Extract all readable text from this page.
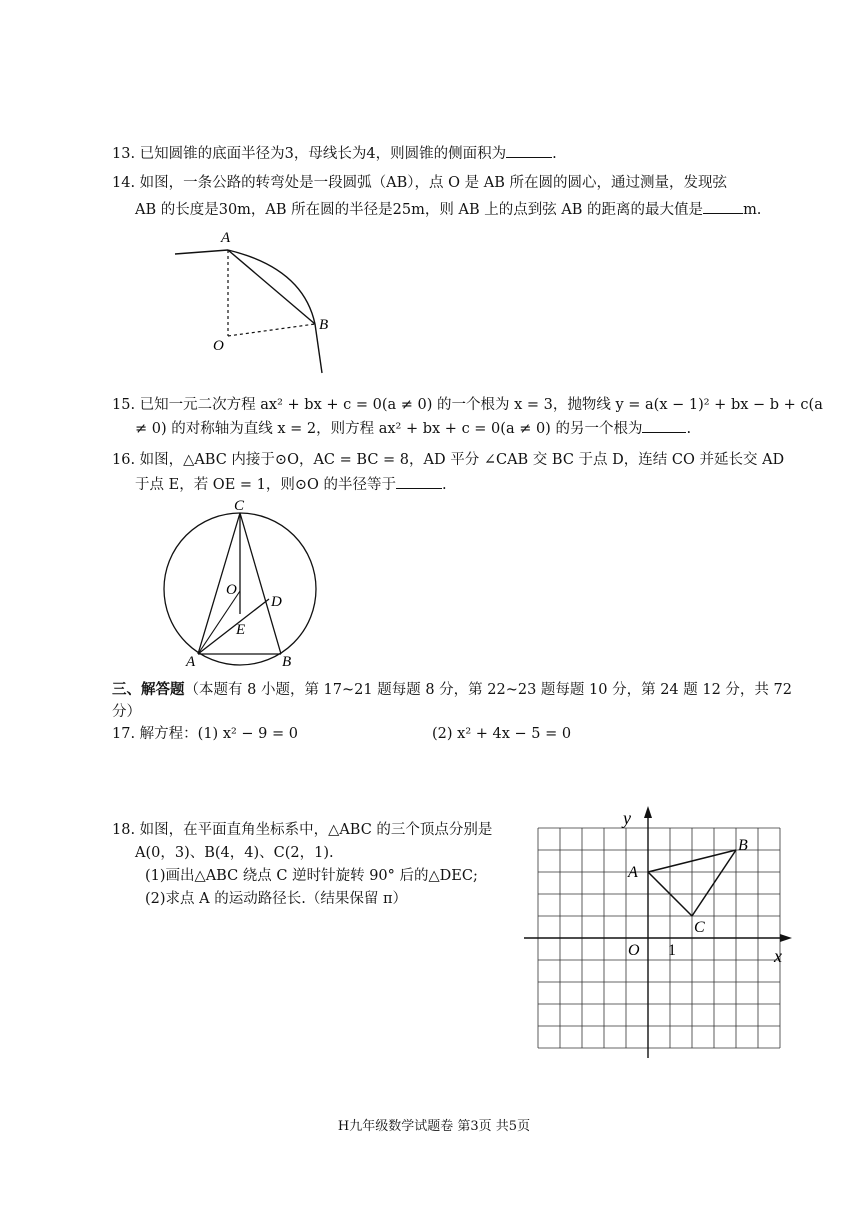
13. 已知圆锥的底面半径为3，母线长为4，则圆锥的侧面积为	.
14. 如图，一条公路的转弯处是一段圆弧（AB），点 O 是 AB 所在圆的圆心，通过测量，发现弦
AB 的长度是30m，AB 所在圆的半径是25m，则 AB 上的点到弦 AB 的距离的最大值是	m.
A
B
O
15. 已知一元二次方程 ax² + bx + c = 0(a ≠ 0) 的一个根为 x = 3，抛物线 y = a(x − 1)² + bx − b + c(a
≠ 0) 的对称轴为直线 x = 2，则方程 ax² + bx + c = 0(a ≠ 0) 的另一个根为	.
16. 如图，△ABC 内接于⊙O，AC = BC = 8，AD 平分 ∠CAB 交 BC 于点 D，连结 CO 并延长交 AD
于点 E，若 OE = 1，则⊙O 的半径等于	.
C
O
D
E
A	B
三、解答题（本题有 8 小题，第 17~21 题每题 8 分，第 22~23 题每题 10 分，第 24 题 12 分，共 72
分）
17. 解方程：(1) x² − 9 = 0	(2) x² + 4x − 5 = 0
18. 如图，在平面直角坐标系中，△ABC 的三个顶点分别是
A(0，3)、B(4，4)、C(2，1).
(1)画出△ABC 绕点 C 逆时针旋转 90° 后的△DEC;
(2)求点 A 的运动路径长.（结果保留 π）
y
x
O 1
A
B
C
H九年级数学试题卷 第3页 共5页
